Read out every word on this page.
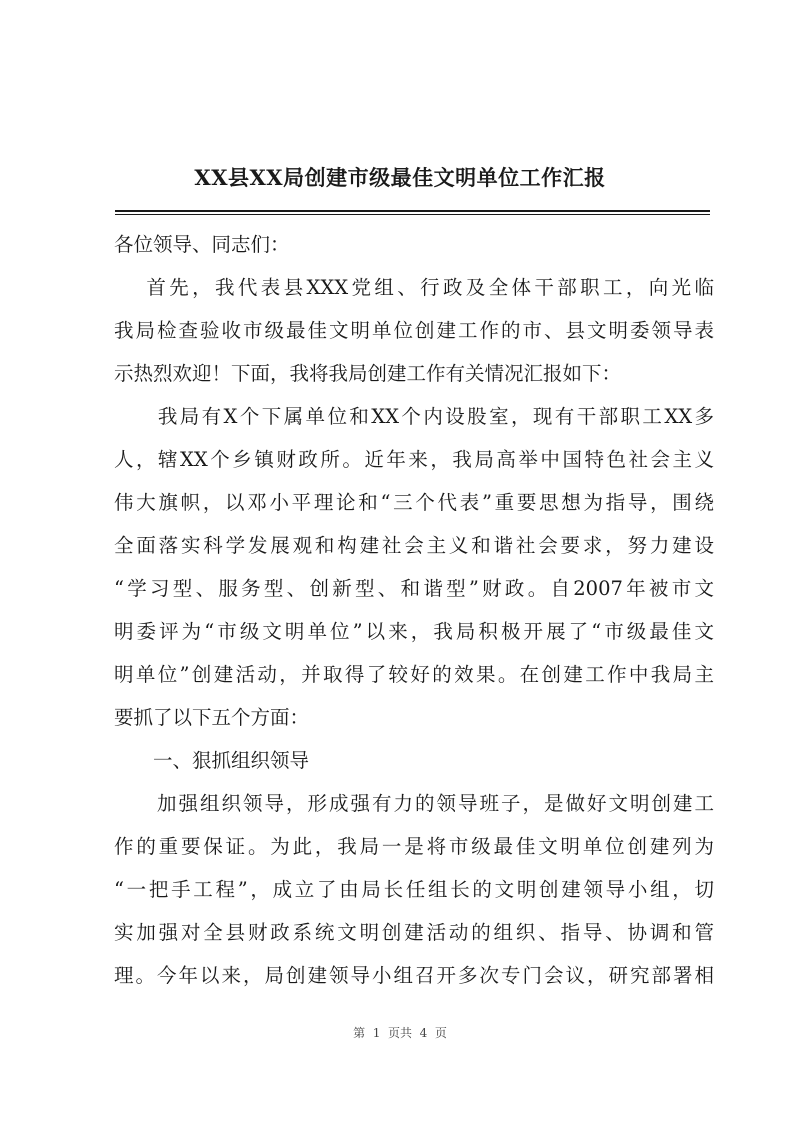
XX县XX局创建市级最佳文明单位工作汇报
各位领导、同志们：
　 首先，我代表县XXX党组、行政及全体干部职工，向光临
我局检查验收市级最佳文明单位创建工作的市、县文明委领导表
示热烈欢迎！下面，我将我局创建工作有关情况汇报如下：
　　我局有X个下属单位和XX个内设股室，现有干部职工XX多
人，辖XX个乡镇财政所。近年来，我局高举中国特色社会主义
伟大旗帜，以邓小平理论和“三个代表”重要思想为指导，围绕
全面落实科学发展观和构建社会主义和谐社会要求，努力建设
“学习型、服务型、创新型、和谐型”财政。自2007年被市文
明委评为“市级文明单位”以来，我局积极开展了“市级最佳文
明单位”创建活动，并取得了较好的效果。在创建工作中我局主
要抓了以下五个方面：
　　一、狠抓组织领导
　　加强组织领导，形成强有力的领导班子，是做好文明创建工
作的重要保证。为此，我局一是将市级最佳文明单位创建列为
“一把手工程”，成立了由局长任组长的文明创建领导小组，切
实加强对全县财政系统文明创建活动的组织、指导、协调和管
理。今年以来，局创建领导小组召开多次专门会议，研究部署相
第  1  页共  4  页
